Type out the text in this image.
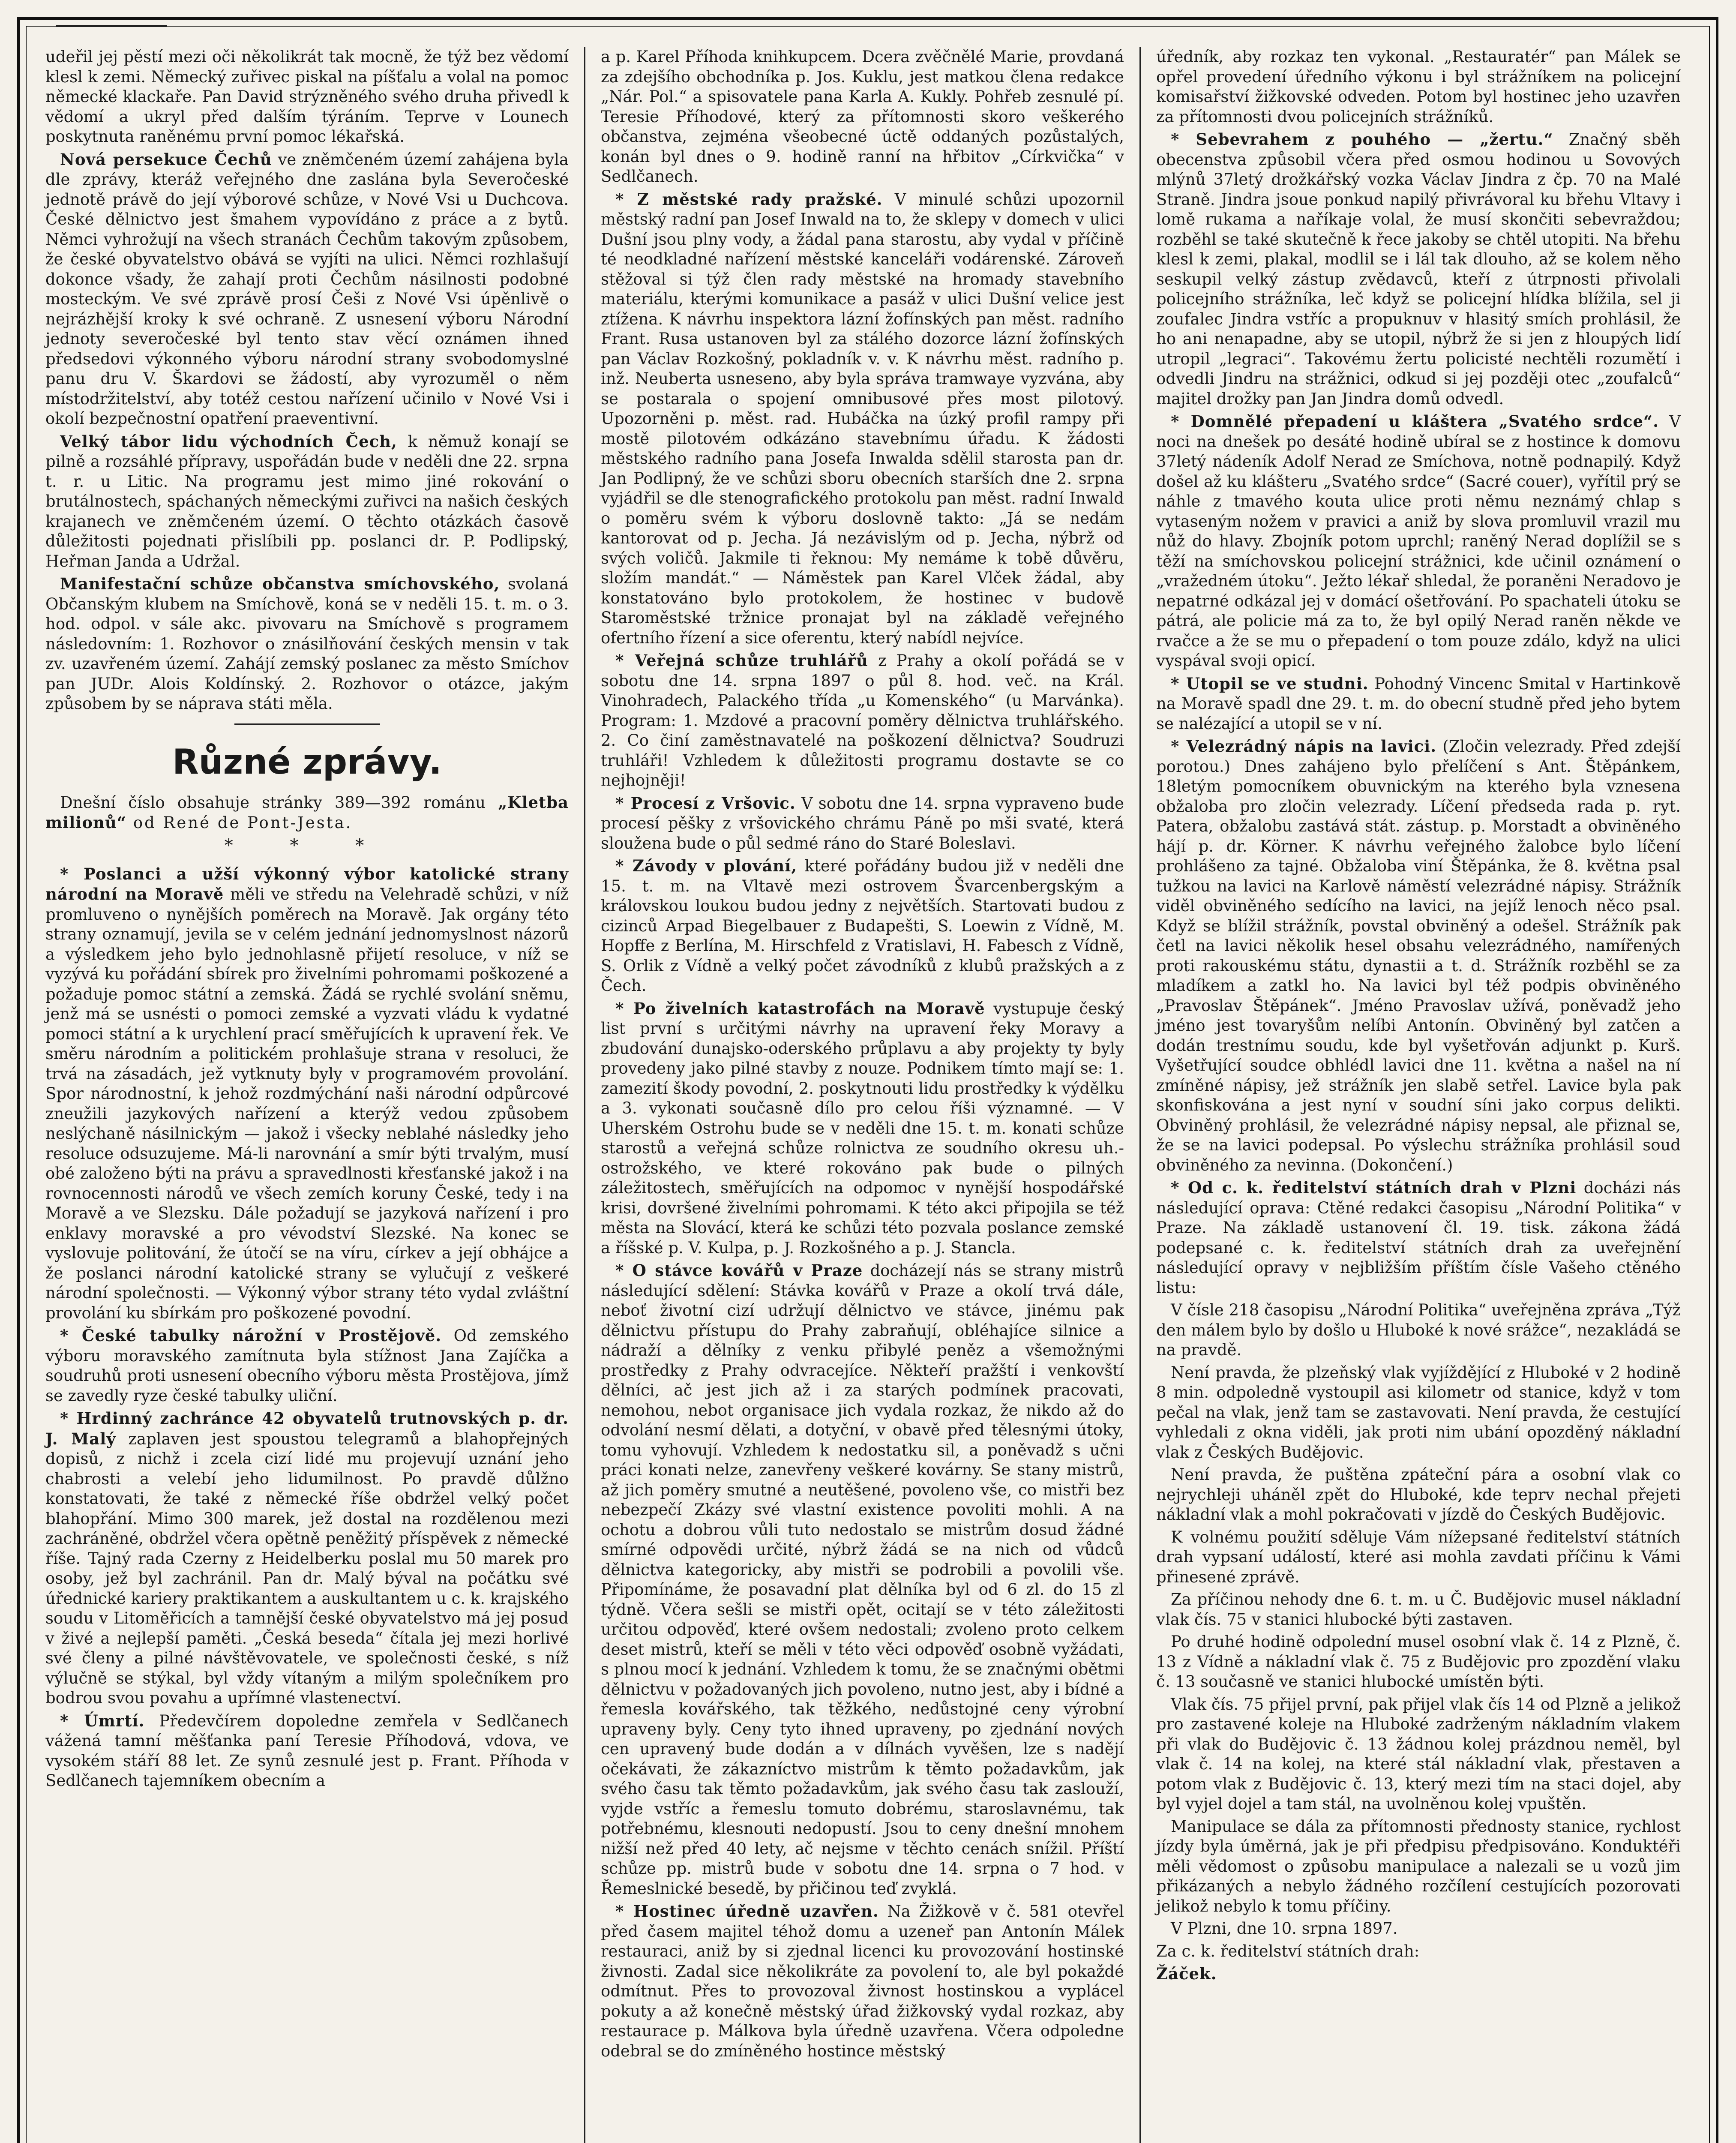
udeřil jej pěstí mezi oči několikrát tak mocně, že týž bez vědomí klesl k zemi. Německý zuřivec piskal na píšťalu a volal na pomoc německé klackaře. Pan David strýzněného svého druha přivedl k vědomí a ukryl před dalším týráním. Teprve v Lounech poskytnuta raněnému první pomoc lékařská.

Nová persekuce Čechů ve zněmčeném území zahájena byla dle zprávy, kteráž veřejného dne zaslána byla Severočeské jednotě právě do její výborové schůze, v Nové Vsi u Duchcova. České dělnictvo jest šmahem vypovídáno z práce a z bytů. Němci vyhrožují na všech stranách Čechům takovým způsobem, že české obyvatelstvo obává se vyjíti na ulici. Němci rozhlašují dokonce všady, že zahají proti Čechům násilnosti podobné mosteckým. Ve své zprávě prosí Češi z Nové Vsi úpěnlivě o nejrázhější kroky k své ochraně. Z usnesení výboru Národní jednoty severočeské byl tento stav věcí oznámen ihned předsedovi výkonného výboru národní strany svobodomyslné panu dru V. Škardovi se žádostí, aby vyrozuměl o něm místodržitelství, aby totéž cestou nařízení učinilo v Nové Vsi i okolí bezpečnostní opatření praeventivní.

Velký tábor lidu východních Čech, k němuž konají se pilně a rozsáhlé přípravy, uspořádán bude v neděli dne 22. srpna t. r. u Litic. Na programu jest mimo jiné rokování o brutálnostech, spáchaných německými zuřivci na našich českých krajanech ve zněmčeném území. O těchto otázkách časově důležitosti pojednati přislíbili pp. poslanci dr. P. Podlipský, Heřman Janda a Udržal.

Manifestační schůze občanstva smíchovského, svolaná Občanským klubem na Smíchově, koná se v neděli 15. t. m. o 3. hod. odpol. v sále akc. pivovaru na Smíchově s programem následovním: 1. Rozhovor o znásilňování českých mensin v tak zv. uzavřeném území. Zahájí zemský poslanec za město Smíchov pan JUDr. Alois Koldínský. 2. Rozhovor o otázce, jakým způsobem by se náprava státi měla.

Různé zprávy.

Dnešní číslo obsahuje stránky 389—392 románu „Kletba milionů“ od René de Pont-Jesta.

* * *

* Poslanci a užší výkonný výbor katolické strany národní na Moravě měli ve středu na Velehradě schůzi, v níž promluveno o nynějších poměrech na Moravě. Jak orgány této strany oznamují, jevila se v celém jednání jednomyslnost názorů a výsledkem jeho bylo jednohlasně přijetí resoluce, v níž se vyzývá ku pořádání sbírek pro živelními pohromami poškozené a požaduje pomoc státní a zemská. Žádá se rychlé svolání sněmu, jenž má se usnésti o pomoci zemské a vyzvati vládu k vydatné pomoci státní a k urychlení prací směřujících k upravení řek. Ve směru národním a politickém prohlašuje strana v resoluci, že trvá na zásadách, jež vytknuty byly v programovém provolání. Spor národnostní, k jehož rozdmýchání naši národní odpůrcové zneužili jazykových nařízení a kterýž vedou způsobem neslýchaně násilnickým — jakož i všecky neblahé následky jeho resoluce odsuzujeme. Má-li narovnání a smír býti trvalým, musí obé založeno býti na právu a spravedlnosti křesťanské jakož i na rovnocennosti národů ve všech zemích koruny České, tedy i na Moravě a ve Slezsku. Dále požadují se jazyková nařízení i pro enklavy moravské a pro vévodství Slezské. Na konec se vyslovuje politování, že útočí se na víru, církev a její obhájce a že poslanci národní katolické strany se vylučují z veškeré národní společnosti. — Výkonný výbor strany této vydal zvláštní provolání ku sbírkám pro poškozené povodní.

* České tabulky nárožní v Prostějově. Od zemského výboru moravského zamítnuta byla stížnost Jana Zajíčka a soudruhů proti usnesení obecního výboru města Prostějova, jímž se zavedly ryze české tabulky uliční.

* Hrdinný zachránce 42 obyvatelů trutnovských p. dr. J. Malý zaplaven jest spoustou telegramů a blahopřejných dopisů, z nichž i zcela cizí lidé mu projevují uznání jeho chabrosti a velebí jeho lidumilnost. Po pravdě důlžno konstatovati, že také z německé říše obdržel velký počet blahopřání. Mimo 300 marek, jež dostal na rozdělenou mezi zachráněné, obdržel včera opětně peněžitý příspěvek z německé říše. Tajný rada Czerny z Heidelberku poslal mu 50 marek pro osoby, jež byl zachránil. Pan dr. Malý býval na počátku své úřednické kariery praktikantem a auskultantem u c. k. krajského soudu v Litoměřicích a tamnější české obyvatelstvo má jej posud v živé a nejlepší paměti. „Česká beseda“ čítala jej mezi horlivé své členy a pilné návštěvovatele, ve společnosti české, s níž výlučně se stýkal, byl vždy vítaným a milým společníkem pro bodrou svou povahu a upřímné vlastenectví.

* Úmrtí. Předevčírem dopoledne zemřela v Sedlčanech vážená tamní měšťanka paní Teresie Příhodová, vdova, ve vysokém stáří 88 let. Ze synů zesnulé jest p. Frant. Příhoda v Sedlčanech tajemníkem obecním a

a p. Karel Příhoda knihkupcem. Dcera zvěčnělé Marie, provdaná za zdejšího obchodníka p. Jos. Kuklu, jest matkou člena redakce „Nár. Pol.“ a spisovatele pana Karla A. Kukly. Pohřeb zesnulé pí. Teresie Příhodové, který za přítomnosti skoro veškerého občanstva, zejména všeobecné úctě oddaných pozůstalých, konán byl dnes o 9. hodině ranní na hřbitov „Církvička“ v Sedlčanech.

* Z městské rady pražské. V minulé schůzi upozornil městský radní pan Josef Inwald na to, že sklepy v domech v ulici Dušní jsou plny vody, a žádal pana starostu, aby vydal v příčině té neodkladné nařízení městské kanceláři vodárenské. Zároveň stěžoval si týž člen rady městské na hromady stavebního materiálu, kterými komunikace a pasáž v ulici Dušní velice jest ztížena. K návrhu inspektora lázní žofínských pan měst. radního Frant. Rusa ustanoven byl za stálého dozorce lázní žofínských pan Václav Rozkošný, pokladník v. v. K návrhu měst. radního p. inž. Neuberta usneseno, aby byla správa tramwaye vyzvána, aby se postarala o spojení omnibusové přes most pilotový. Upozorněni p. měst. rad. Hubáčka na úzký profil rampy při mostě pilotovém odkázáno stavebnímu úřadu. K žádosti městského radního pana Josefa Inwalda sdělil starosta pan dr. Jan Podlipný, že ve schůzi sboru obecních starších dne 2. srpna vyjádřil se dle stenografického protokolu pan měst. radní Inwald o poměru svém k výboru doslovně takto: „Já se nedám kantorovat od p. Jecha. Já nezávislým od p. Jecha, nýbrž od svých voličů. Jakmile ti řeknou: My nemáme k tobě důvěru, složím mandát.“ — Náměstek pan Karel Vlček žádal, aby konstatováno bylo protokolem, že hostinec v budově Staroměstské tržnice pronajat byl na základě veřejného ofertního řízení a sice oferentu, který nabídl nejvíce.

* Veřejná schůze truhlářů z Prahy a okolí pořádá se v sobotu dne 14. srpna 1897 o půl 8. hod. več. na Král. Vinohradech, Palackého třída „u Komenského“ (u Marvánka). Program: 1. Mzdové a pracovní poměry dělnictva truhlářského. 2. Co činí zaměstnavatelé na poškození dělnictva? Soudruzi truhláři! Vzhledem k důležitosti programu dostavte se co nejhojněji!

* Procesí z Vršovic. V sobotu dne 14. srpna vypraveno bude procesí pěšky z vršovického chrámu Páně po mši svaté, která sloužena bude o půl sedmé ráno do Staré Boleslavi.

* Závody v plování, které pořádány budou již v neděli dne 15. t. m. na Vltavě mezi ostrovem Švarcenbergským a královskou loukou budou jedny z největších. Startovati budou z cizinců Arpad Biegelbauer z Budapešti, S. Loewin z Vídně, M. Hopffe z Berlína, M. Hirschfeld z Vratislavi, H. Fabesch z Vídně, S. Orlik z Vídně a velký počet závodníků z klubů pražských a z Čech.

* Po živelních katastrofách na Moravě vystupuje český list první s určitými návrhy na upravení řeky Moravy a zbudování dunajsko-oderského průplavu a aby projekty ty byly provedeny jako pilné stavby z nouze. Podnikem tímto mají se: 1. zamezití škody povodní, 2. poskytnouti lidu prostředky k výdělku a 3. vykonati současně dílo pro celou říši významné. — V Uherském Ostrohu bude se v neděli dne 15. t. m. konati schůze starostů a veřejná schůze rolnictva ze soudního okresu uh.-ostrožského, ve které rokováno pak bude o pilných záležitostech, směřujících na odpomoc v nynější hospodářské krisi, dovršené živelními pohromami. K této akci připojila se též města na Slovácí, která ke schůzi této pozvala poslance zemské a říšské p. V. Kulpa, p. J. Rozkošného a p. J. Stancla.

* O stávce kovářů v Praze docházejí nás se strany mistrů následující sdělení: Stávka kovářů v Praze a okolí trvá dále, neboť životní cizí udržují dělnictvo ve stávce, jinému pak dělnictvu přístupu do Prahy zabraňují, obléhajíce silnice a nádraží a dělníky z venku přibylé peněz a všemožnými prostředky z Prahy odvracejíce. Někteří pražští i venkovští dělníci, ač jest jich až i za starých podmínek pracovati, nemohou, nebot organisace jich vydala rozkaz, že nikdo až do odvolání nesmí dělati, a dotyční, v obavě před tělesnými útoky, tomu vyhovují. Vzhledem k nedostatku sil, a poněvadž s učni práci konati nelze, zanevřeny veškeré kovárny. Se stany mistrů, až jich poměry smutné a neutěšené, povoleno vše, co mistři bez nebezpečí Zkázy své vlastní existence povoliti mohli. A na ochotu a dobrou vůli tuto nedostalo se mistrům dosud žádné smírné odpovědi určité, nýbrž žádá se na nich od vůdců dělnictva kategoricky, aby mistři se podrobili a povolili vše. Připomínáme, že posavadní plat dělníka byl od 6 zl. do 15 zl týdně. Včera sešli se mistři opět, ocitají se v této záležitosti určitou odpověď, které ovšem nedostali; zvoleno proto celkem deset mistrů, kteří se měli v této věci odpověď osobně vyžádati, s plnou mocí k jednání. Vzhledem k tomu, že se značnými obětmi dělnictvu v požadovaných jich povoleno, nutno jest, aby i bídné a řemesla kovářského, tak těžkého, nedůstojné ceny výrobní upraveny byly. Ceny tyto ihned upraveny, po zjednání nových cen upravený bude dodán a v dílnách vyvěšen, lze s nadějí očekávati, že zákazníctvo mistrům k těmto požadavkům, jak svého času tak těmto požadavkům, jak svého času tak zaslouží, vyjde vstříc a řemeslu tomuto dobrému, staroslavnému, tak potřebnému, klesnouti nedopustí. Jsou to ceny dnešní mnohem nižší než před 40 lety, ač nejsme v těchto cenách snížil. Příští schůze pp. mistrů bude v sobotu dne 14. srpna o 7 hod. v Řemeslnické besedě, by přičinou teď zvyklá.

* Hostinec úředně uzavřen. Na Žižkově v č. 581 otevřel před časem majitel téhož domu a uzeneř pan Antonín Málek restauraci, aniž by si zjednal licenci ku provozování hostinské živnosti. Zadal sice několikráte za povolení to, ale byl pokaždé odmítnut. Přes to provozoval živnost hostinskou a vyplácel pokuty a až konečně městský úřad žižkovský vydal rozkaz, aby restaurace p. Málkova byla úředně uzavřena. Včera odpoledne odebral se do zmíněného hostince městský

úředník, aby rozkaz ten vykonal. „Restauratér“ pan Málek se opřel provedení úředního výkonu i byl strážníkem na policejní komisařství žižkovské odveden. Potom byl hostinec jeho uzavřen za přítomnosti dvou policejních strážníků.

* Sebevrahem z pouhého — „žertu.“ Značný sběh obecenstva způsobil včera před osmou hodinou u Sovových mlýnů 37letý drožkářský vozka Václav Jindra z čp. 70 na Malé Straně. Jindra jsoue ponkud napilý přivrávoral ku břehu Vltavy i lomě rukama a naříkaje volal, že musí skončiti sebevraždou; rozběhl se také skutečně k řece jakoby se chtěl utopiti. Na břehu klesl k zemi, plakal, modlil se i lál tak dlouho, až se kolem něho seskupil velký zástup zvědavců, kteří z útrpnosti přivolali policejního strážníka, leč když se policejní hlídka blížila, sel ji zoufalec Jindra vstříc a propuknuv v hlasitý smích prohlásil, že ho ani nenapadne, aby se utopil, nýbrž že si jen z hloupých lidí utropil „legraci“. Takovému žertu policisté nechtěli rozumětí i odvedli Jindru na strážnici, odkud si jej později otec „zoufalců“ majitel drožky pan Jan Jindra domů odvedl.

* Domnělé přepadení u kláštera „Svatého srdce“. V noci na dnešek po desáté hodině ubíral se z hostince k domovu 37letý nádeník Adolf Nerad ze Smíchova, notně podnapilý. Když došel až ku klášteru „Svatého srdce“ (Sacré couer), vyřítil prý se náhle z tmavého kouta ulice proti němu neznámý chlap s vytaseným nožem v pravici a aniž by slova promluvil vrazil mu nůž do hlavy. Zbojník potom uprchl; raněný Nerad doplížil se s těží na smíchovskou policejní strážnici, kde učinil oznámení o „vražedném útoku“. Ježto lékař shledal, že poraněni Neradovo je nepatrné odkázal jej v domácí ošetřování. Po spachateli útoku se pátrá, ale policie má za to, že byl opilý Nerad raněn někde ve rvačce a že se mu o přepadení o tom pouze zdálo, když na ulici vyspával svoji opicí.

* Utopil se ve studni. Pohodný Vincenc Smital v Hartinkově na Moravě spadl dne 29. t. m. do obecní studně před jeho bytem se nalézající a utopil se v ní.

* Velezrádný nápis na lavici. (Zločin velezrady. Před zdejší porotou.) Dnes zahájeno bylo přelíčení s Ant. Štěpánkem, 18letým pomocníkem obuvnickým na kterého byla vznesena obžaloba pro zločin velezrady. Líčení předseda rada p. ryt. Patera, obžalobu zastává stát. zástup. p. Morstadt a obviněného hájí p. dr. Körner. K návrhu veřejného žalobce bylo líčení prohlášeno za tajné. Obžaloba viní Štěpánka, že 8. května psal tužkou na lavici na Karlově náměstí velezrádné nápisy. Strážník viděl obviněného sedícího na lavici, na jejíž lenoch něco psal. Když se blížil strážník, povstal obviněný a odešel. Strážník pak četl na lavici několik hesel obsahu velezrádného, namířených proti rakouskému státu, dynastii a t. d. Strážník rozběhl se za mladíkem a zatkl ho. Na lavici byl též podpis obviněného „Pravoslav Štěpánek“. Jméno Pravoslav užívá, poněvadž jeho jméno jest tovaryšům nelíbi Antonín. Obviněný byl zatčen a dodán trestnímu soudu, kde byl vyšetřován adjunkt p. Kurš. Vyšetřující soudce obhlédl lavici dne 11. května a našel na ní zmíněné nápisy, jež strážník jen slabě setřel. Lavice byla pak skonfiskována a jest nyní v soudní síni jako corpus delikti. Obviněný prohlásil, že velezrádné nápisy nepsal, ale přiznal se, že se na lavici podepsal. Po výslechu strážníka prohlásil soud obviněného za nevinna. (Dokončení.)

* Od c. k. ředitelství státních drah v Plzni docházi nás následující oprava: Ctěné redakci časopisu „Národní Politika“ v Praze. Na základě ustanovení čl. 19. tisk. zákona žádá podepsané c. k. ředitelství státních drah za uveřejnění následující opravy v nejbližším příštím čísle Vašeho ctěného listu:

V čísle 218 časopisu „Národní Politika“ uveřejněna zpráva „Týž den málem bylo by došlo u Hluboké k nové srážce“, nezakládá se na pravdě.

Není pravda, že plzeňský vlak vyjíždějící z Hluboké v 2 hodině 8 min. odpoledně vystoupil asi kilometr od stanice, když v tom pečal na vlak, jenž tam se zastavovati. Není pravda, že cestující vyhledali z okna viděli, jak proti nim ubání opozděný nákladní vlak z Českých Budějovic.

Není pravda, že puštěna zpáteční pára a osobní vlak co nejrychleji uháněl zpět do Hluboké, kde teprv nechal přejeti nákladní vlak a mohl pokračovati v jízdě do Českých Budějovic.

K volnému použití sděluje Vám nížepsané ředitelství státních drah vypsaní událostí, které asi mohla zavdati příčinu k Vámi přinesené zprávě.

Za příčinou nehody dne 6. t. m. u Č. Budějovic musel nákladní vlak čís. 75 v stanici hlubocké býti zastaven.

Po druhé hodině odpolední musel osobní vlak č. 14 z Plzně, č. 13 z Vídně a nákladní vlak č. 75 z Budějovic pro zpozdění vlaku č. 13 současně ve stanici hlubocké umístěn býti.

Vlak čís. 75 přijel první, pak přijel vlak čís 14 od Plzně a jelikož pro zastavené koleje na Hluboké zadrženým nákladním vlakem při vlak do Budějovic č. 13 žádnou kolej prázdnou neměl, byl vlak č. 14 na kolej, na které stál nákladní vlak, přestaven a potom vlak z Budějovic č. 13, který mezi tím na staci dojel, aby byl vyjel dojel a tam stál, na uvolněnou kolej vpuštěn.

Manipulace se dála za přítomnosti přednosty stanice, rychlost jízdy byla úměrná, jak je při předpisu předpisováno. Konduktéři měli vědomost o způsobu manipulace a nalezali se u vozů jim přikázaných a nebylo žádného rozčílení cestujících pozorovati jelikož nebylo k tomu příčiny.

V Plzni, dne 10. srpna 1897.

Za c. k. ředitelství státních drah:

Žáček.
